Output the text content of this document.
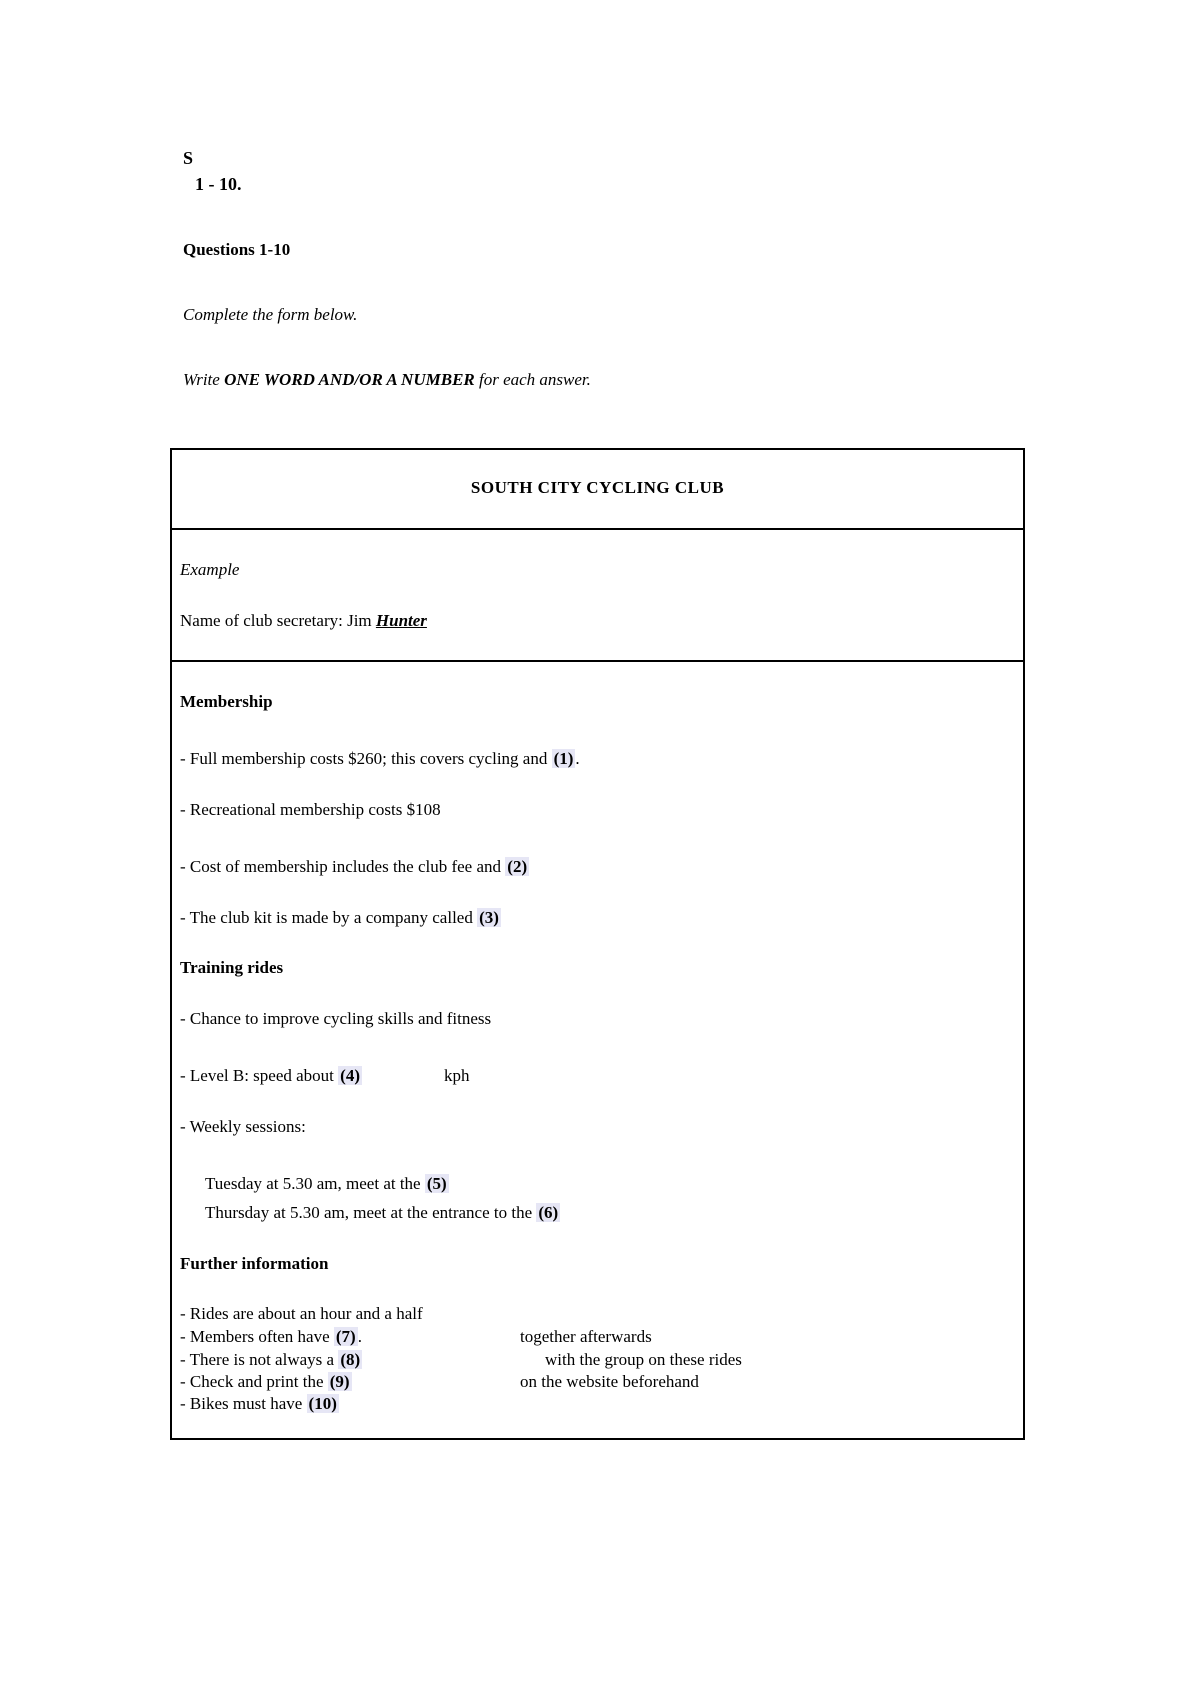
S
1 - 10.
Questions 1-10
Complete the form below.
Write ONE WORD AND/OR A NUMBER for each answer.
SOUTH CITY CYCLING CLUB
Example
Name of club secretary: Jim Hunter
Membership
- Full membership costs $260; this covers cycling and (1) .
- Recreational membership costs $108
- Cost of membership includes the club fee and (2)
- The club kit is made by a company called (3)
Training rides
- Chance to improve cycling skills and fitness
- Level B: speed about (4)	kph
- Weekly sessions:
Tuesday at 5.30 am, meet at the (5)
Thursday at 5.30 am, meet at the entrance to the (6)
Further information
- Rides are about an hour and a half
- Members often have (7) .	together afterwards
- There is not always a (8)	with the group on these rides
- Check and print the (9)	on the website beforehand
- Bikes must have (10)
